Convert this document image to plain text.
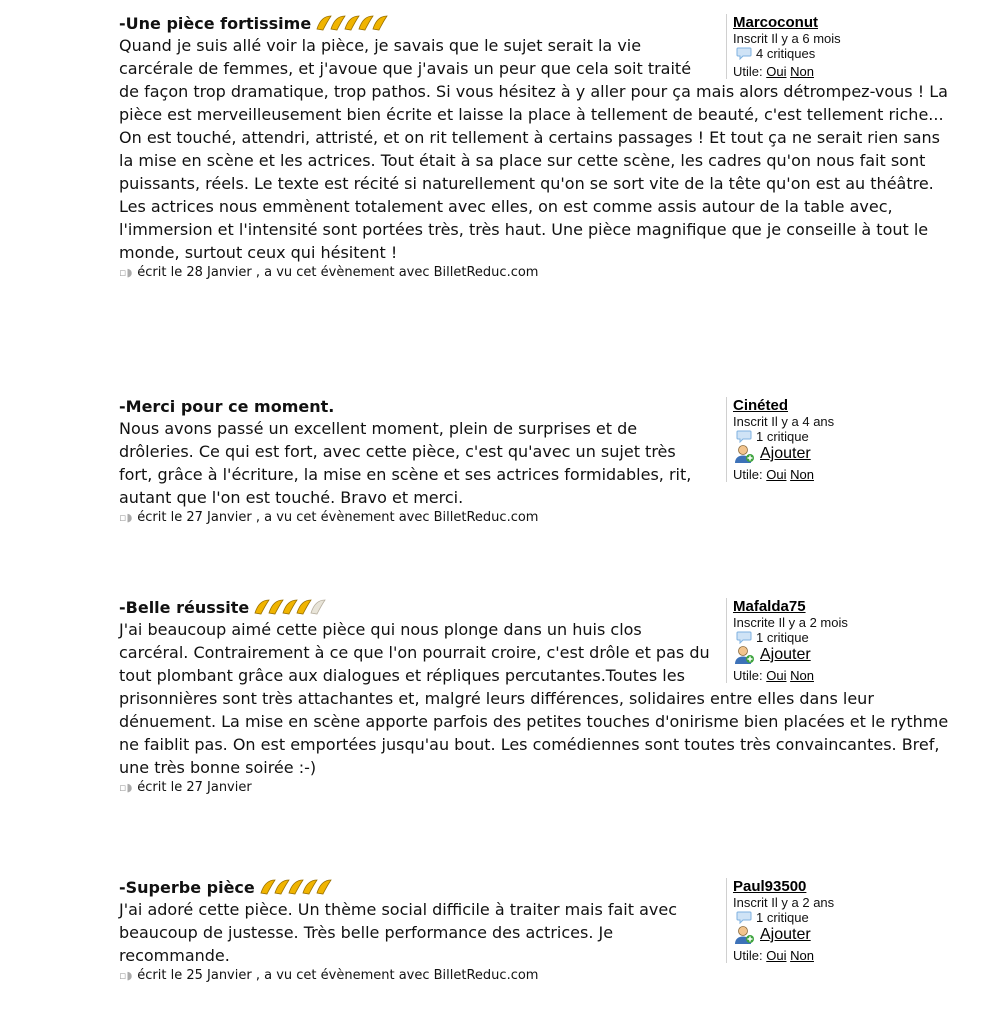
Marcoconut
Inscrit Il y a 6 mois
4 critiques
Utile: Oui Non
-Une pièce fortissime

Quand je suis allé voir la pièce, je savais que le sujet serait la vie carcérale de femmes, et j'avoue que j'avais un peur que cela soit traité de façon trop dramatique, trop pathos. Si vous hésitez à y aller pour ça mais alors détrompez-vous ! La pièce est merveilleusement bien écrite et laisse la place à tellement de beauté, c'est tellement riche... On est touché, attendri, attristé, et on rit tellement à certains passages ! Et tout ça ne serait rien sans la mise en scène et les actrices. Tout était à sa place sur cette scène, les cadres qu'on nous fait sont puissants, réels. Le texte est récité si naturellement qu'on se sort vite de la tête qu'on est au théâtre. Les actrices nous emmènent totalement avec elles, on est comme assis autour de la table avec, l'immersion et l'intensité sont portées très, très haut. Une pièce magnifique que je conseille à tout le monde, surtout ceux qui hésitent !

▫◗ écrit le 28 Janvier , a vu cet évènement avec BilletReduc.com
Cinéted
Inscrit Il y a 4 ans
1 critique
Ajouter
Utile: Oui Non
-Merci pour ce moment.

Nous avons passé un excellent moment, plein de surprises et de drôleries. Ce qui est fort, avec cette pièce, c'est qu'avec un sujet très fort, grâce à l'écriture, la mise en scène et ses actrices formidables, rit, autant que l'on est touché. Bravo et merci.

▫◗ écrit le 27 Janvier , a vu cet évènement avec BilletReduc.com
Mafalda75
Inscrite Il y a 2 mois
1 critique
Ajouter
Utile: Oui Non
-Belle réussite

J'ai beaucoup aimé cette pièce qui nous plonge dans un huis clos carcéral. Contrairement à ce que l'on pourrait croire, c'est drôle et pas du tout plombant grâce aux dialogues et répliques percutantes.Toutes les prisonnières sont très attachantes et, malgré leurs différences, solidaires entre elles dans leur dénuement. La mise en scène apporte parfois des petites touches d'onirisme bien placées et le rythme ne faiblit pas. On est emportées jusqu'au bout. Les comédiennes sont toutes très convaincantes. Bref, une très bonne soirée :-)

▫◗ écrit le 27 Janvier
Paul93500
Inscrit Il y a 2 ans
1 critique
Ajouter
Utile: Oui Non
-Superbe pièce

J'ai adoré cette pièce. Un thème social difficile à traiter mais fait avec beaucoup de justesse. Très belle performance des actrices. Je recommande.

▫◗ écrit le 25 Janvier , a vu cet évènement avec BilletReduc.com
